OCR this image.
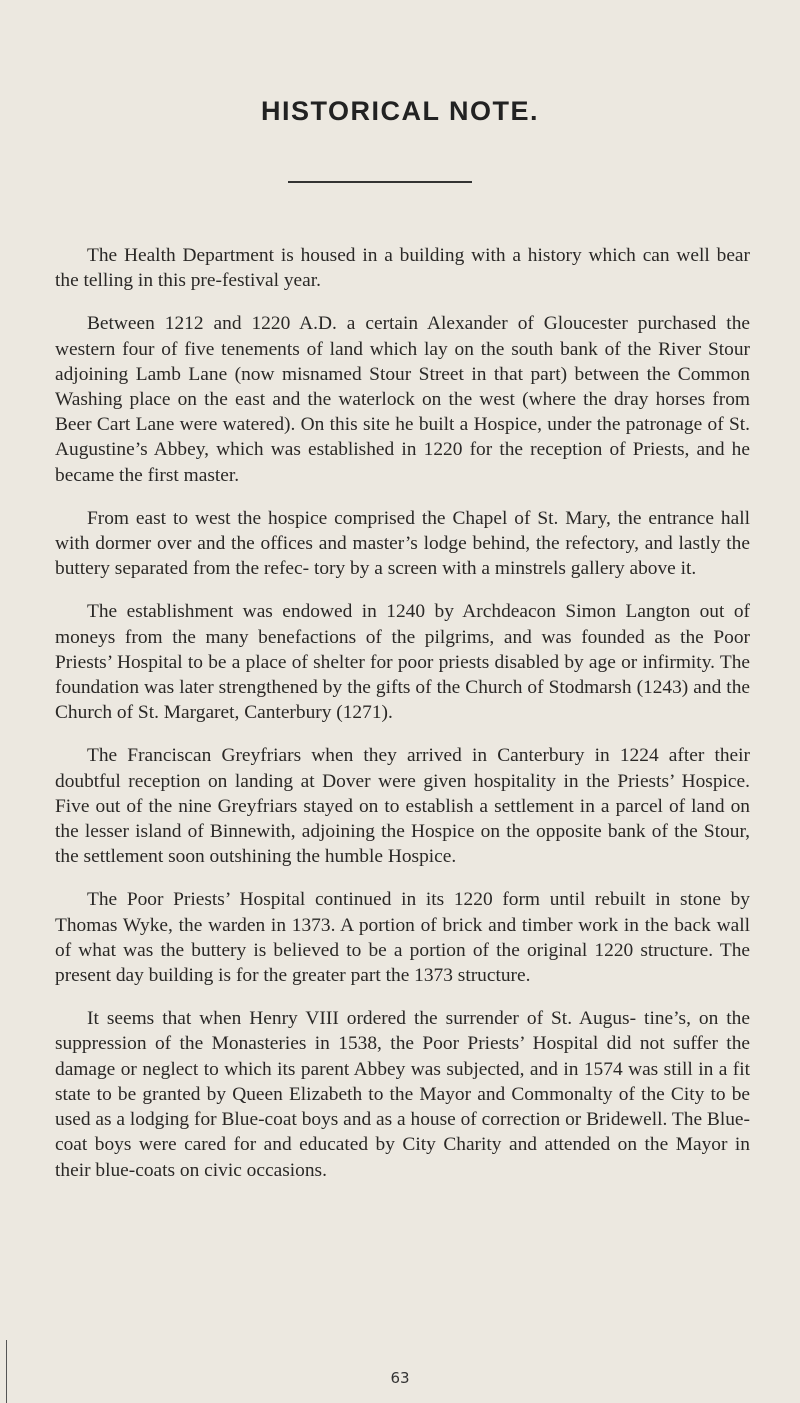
HISTORICAL NOTE.

The Health Department is housed in a building with a history which can well bear the telling in this pre-festival year.

Between 1212 and 1220 A.D. a certain Alexander of Gloucester purchased the western four of five tenements of land which lay on the south bank of the River Stour adjoining Lamb Lane (now misnamed Stour Street in that part) between the Common Washing place on the east and the waterlock on the west (where the dray horses from Beer Cart Lane were watered). On this site he built a Hospice, under the patronage of St. Augustine’s Abbey, which was established in 1220 for the reception of Priests, and he became the first master.

From east to west the hospice comprised the Chapel of St. Mary, the entrance hall with dormer over and the offices and master’s lodge behind, the refectory, and lastly the buttery separated from the refec- tory by a screen with a minstrels gallery above it.

The establishment was endowed in 1240 by Archdeacon Simon Langton out of moneys from the many benefactions of the pilgrims, and was founded as the Poor Priests’ Hospital to be a place of shelter for poor priests disabled by age or infirmity. The foundation was later strengthened by the gifts of the Church of Stodmarsh (1243) and the Church of St. Margaret, Canterbury (1271).

The Franciscan Greyfriars when they arrived in Canterbury in 1224 after their doubtful reception on landing at Dover were given hospitality in the Priests’ Hospice. Five out of the nine Greyfriars stayed on to establish a settlement in a parcel of land on the lesser island of Binnewith, adjoining the Hospice on the opposite bank of the Stour, the settlement soon outshining the humble Hospice.

The Poor Priests’ Hospital continued in its 1220 form until rebuilt in stone by Thomas Wyke, the warden in 1373. A portion of brick and timber work in the back wall of what was the buttery is believed to be a portion of the original 1220 structure. The present day building is for the greater part the 1373 structure.

It seems that when Henry VIII ordered the surrender of St. Augus- tine’s, on the suppression of the Monasteries in 1538, the Poor Priests’ Hospital did not suffer the damage or neglect to which its parent Abbey was subjected, and in 1574 was still in a fit state to be granted by Queen Elizabeth to the Mayor and Commonalty of the City to be used as a lodging for Blue-coat boys and as a house of correction or Bridewell. The Blue-coat boys were cared for and educated by City Charity and attended on the Mayor in their blue-coats on civic occasions.

63
